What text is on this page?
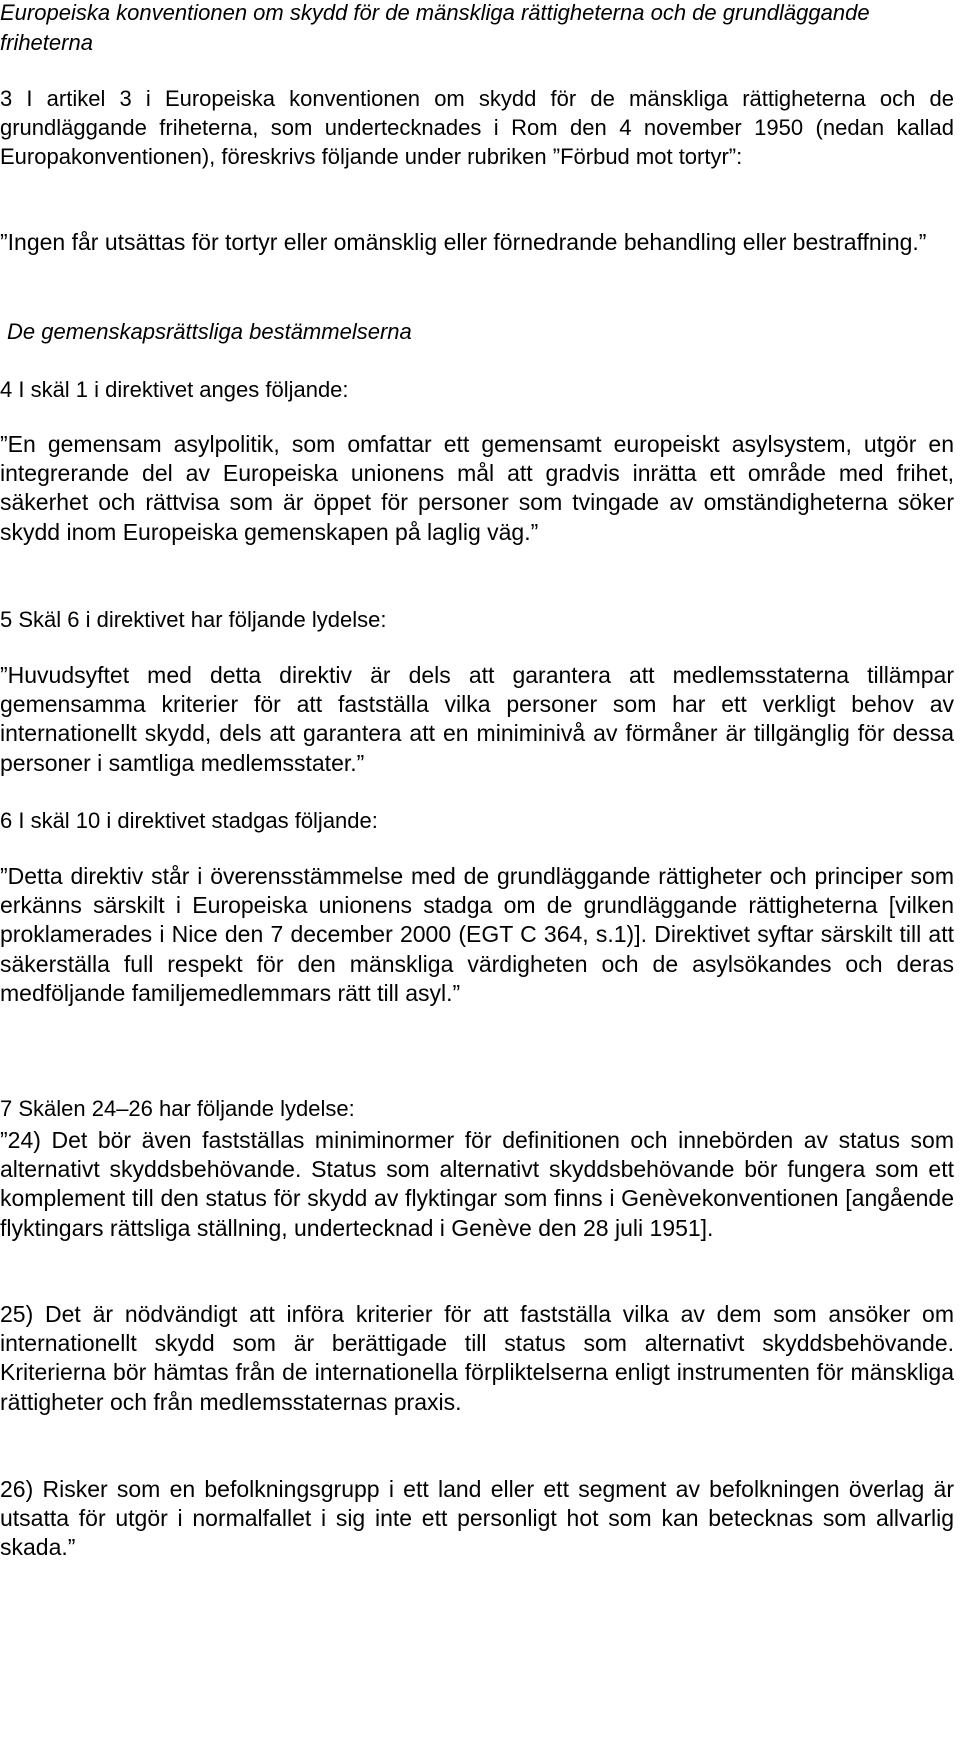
Europeiska konventionen om skydd för de mänskliga rättigheterna och de grundläggande friheterna

3 I artikel 3 i Europeiska konventionen om skydd för de mänskliga rättigheterna och de grundläggande friheterna, som undertecknades i Rom den 4 november 1950 (nedan kallad Europakonventionen), föreskrivs följande under rubriken ”Förbud mot tortyr”:

”Ingen får utsättas för tortyr eller omänsklig eller förnedrande behandling eller bestraffning.”

De gemenskapsrättsliga bestämmelserna

4 I skäl 1 i direktivet anges följande:

”En gemensam asylpolitik, som omfattar ett gemensamt europeiskt asylsystem, utgör en integrerande del av Europeiska unionens mål att gradvis inrätta ett område med frihet, säkerhet och rättvisa som är öppet för personer som tvingade av omständigheterna söker skydd inom Europeiska gemenskapen på laglig väg.”

5 Skäl 6 i direktivet har följande lydelse:

”Huvudsyftet med detta direktiv är dels att garantera att medlemsstaterna tillämpar gemensamma kriterier för att fastställa vilka personer som har ett verkligt behov av internationellt skydd, dels att garantera att en miniminivå av förmåner är tillgänglig för dessa personer i samtliga medlemsstater.”

6 I skäl 10 i direktivet stadgas följande:

”Detta direktiv står i överensstämmelse med de grundläggande rättigheter och principer som erkänns särskilt i Europeiska unionens stadga om de grundläggande rättigheterna [vilken proklamerades i Nice den 7 december 2000 (EGT C 364, s.1)]. Direktivet syftar särskilt till att säkerställa full respekt för den mänskliga värdigheten och de asylsökandes och deras medföljande familjemedlemmars rätt till asyl.”

7 Skälen 24–26 har följande lydelse:

”24) Det bör även fastställas miniminormer för definitionen och innebörden av status som alternativt skyddsbehövande. Status som alternativt skyddsbehövande bör fungera som ett komplement till den status för skydd av flyktingar som finns i Genèvekonventionen [angående flyktingars rättsliga ställning, undertecknad i Genève den 28 juli 1951].

25) Det är nödvändigt att införa kriterier för att fastställa vilka av dem som ansöker om internationellt skydd som är berättigade till status som alternativt skyddsbehövande. Kriterierna bör hämtas från de internationella förpliktelserna enligt instrumenten för mänskliga rättigheter och från medlemsstaternas praxis.

26) Risker som en befolkningsgrupp i ett land eller ett segment av befolkningen överlag är utsatta för utgör i normalfallet i sig inte ett personligt hot som kan betecknas som allvarlig skada.”
